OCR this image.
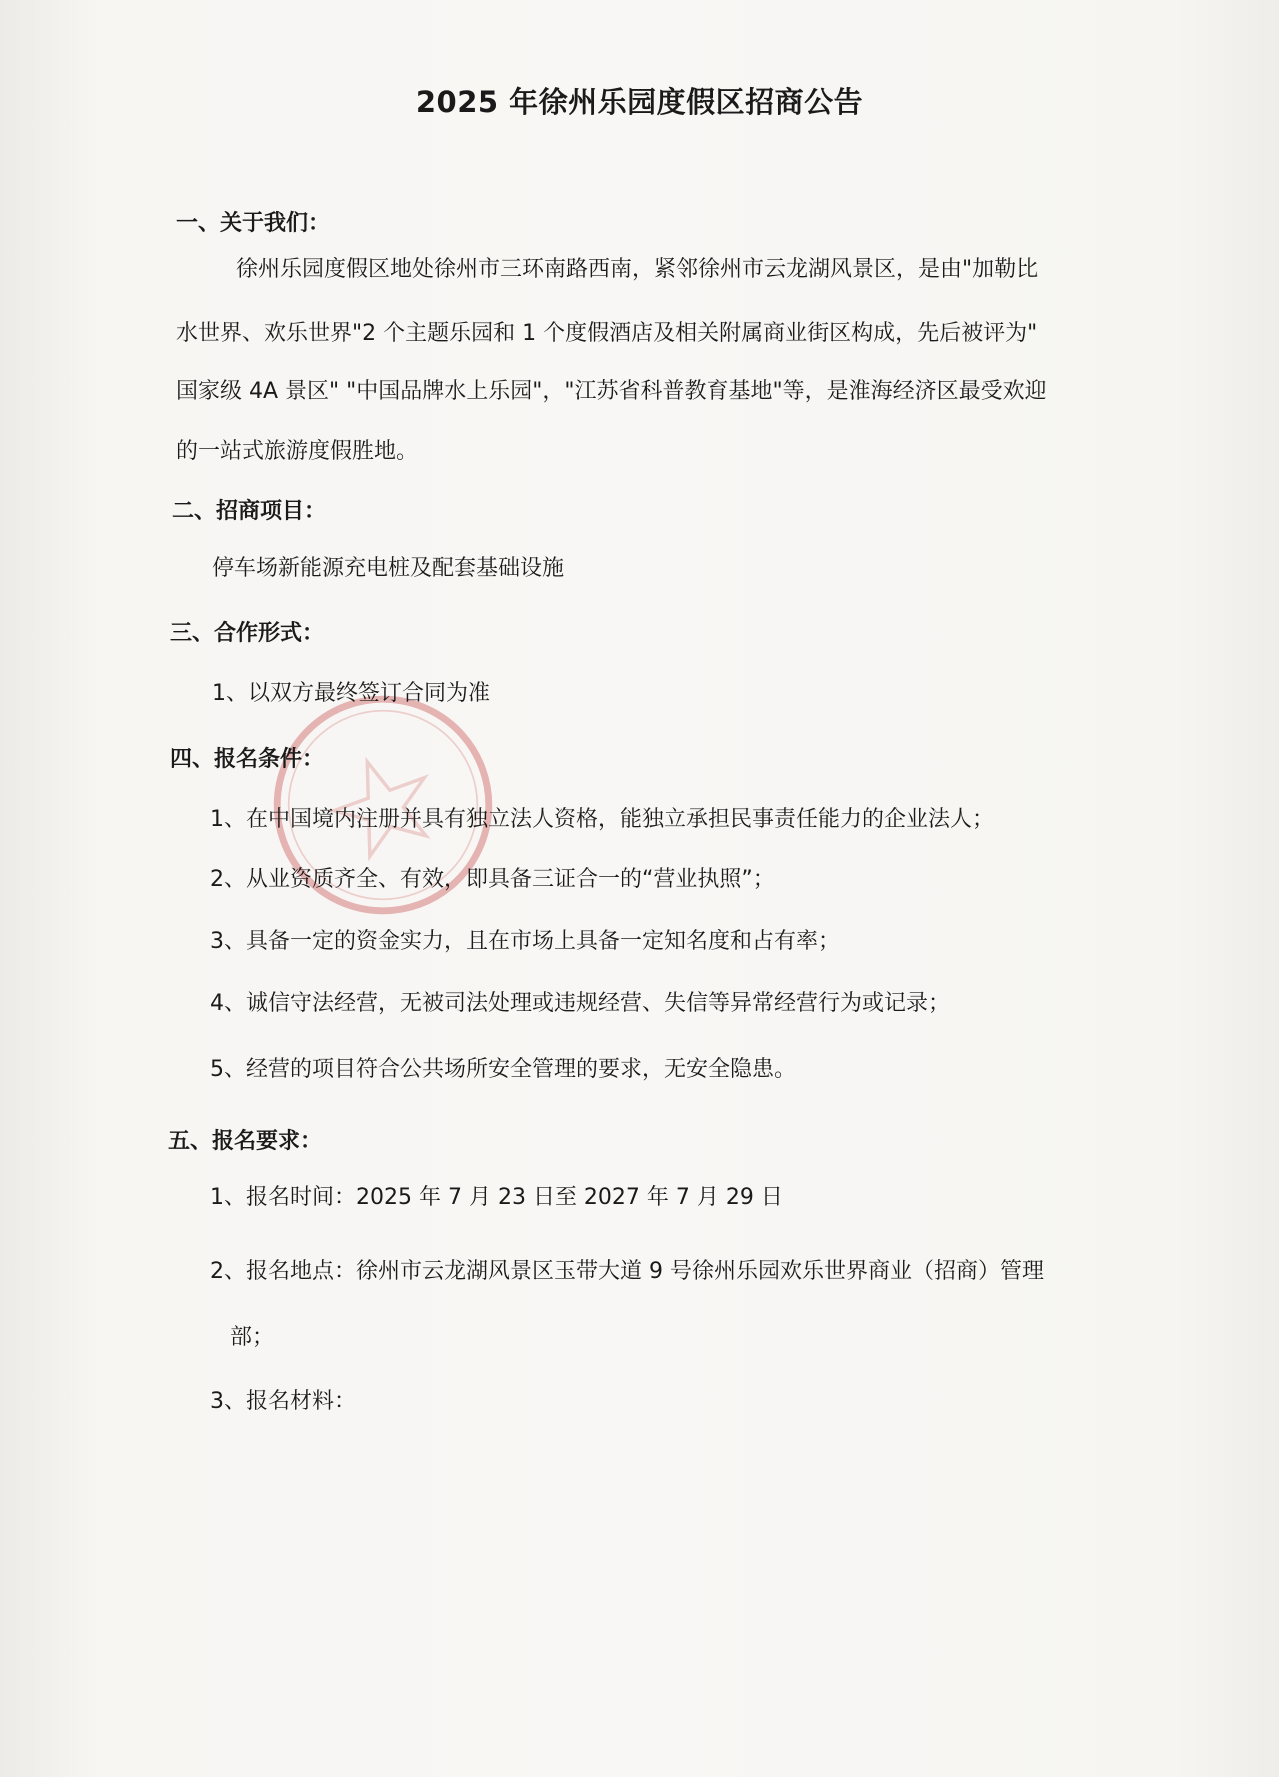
2025 年徐州乐园度假区招商公告
一、关于我们：
徐州乐园度假区地处徐州市三环南路西南，紧邻徐州市云龙湖风景区，是由"加勒比
水世界、欢乐世界"2 个主题乐园和 1 个度假酒店及相关附属商业街区构成，先后被评为"
国家级 4A 景区" "中国品牌水上乐园"，"江苏省科普教育基地"等，是淮海经济区最受欢迎
的一站式旅游度假胜地。
二、招商项目：
停车场新能源充电桩及配套基础设施
三、合作形式：
1、以双方最终签订合同为准
四、报名条件：
1、在中国境内注册并具有独立法人资格，能独立承担民事责任能力的企业法人；
2、从业资质齐全、有效，即具备三证合一的“营业执照”；
3、具备一定的资金实力，且在市场上具备一定知名度和占有率；
4、诚信守法经营，无被司法处理或违规经营、失信等异常经营行为或记录；
5、经营的项目符合公共场所安全管理的要求，无安全隐患。
五、报名要求：
1、报名时间：2025 年 7 月 23 日至 2027 年 7 月 29 日
2、报名地点：徐州市云龙湖风景区玉带大道 9 号徐州乐园欢乐世界商业（招商）管理
部；
3、报名材料：
